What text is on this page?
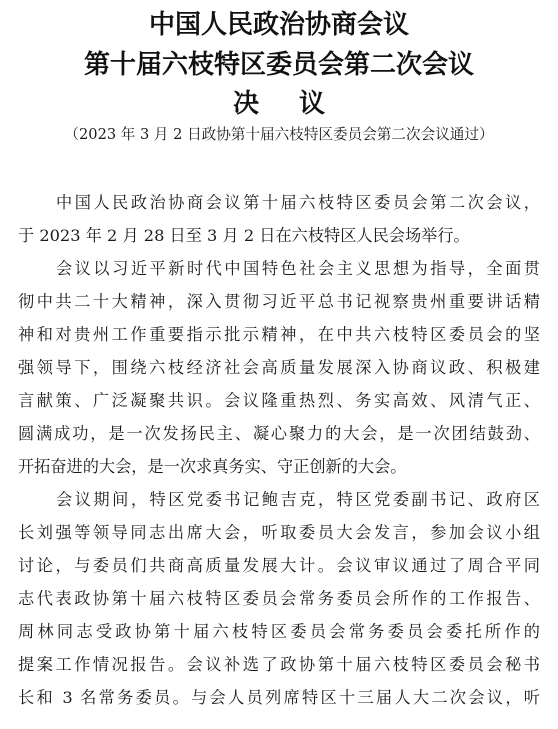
中国人民政治协商会议
第十届六枝特区委员会第二次会议
决议
（2023 年 3 月 2 日政协第十届六枝特区委员会第二次会议通过）
中国人民政治协商会议第十届六枝特区委员会第二次会议，
于 2023 年 2 月 28 日至 3 月 2 日在六枝特区人民会场举行。
会议以习近平新时代中国特色社会主义思想为指导，全面贯
彻中共二十大精神，深入贯彻习近平总书记视察贵州重要讲话精
神和对贵州工作重要指示批示精神，在中共六枝特区委员会的坚
强领导下，围绕六枝经济社会高质量发展深入协商议政、积极建
言献策、广泛凝聚共识。会议隆重热烈、务实高效、风清气正、
圆满成功，是一次发扬民主、凝心聚力的大会，是一次团结鼓劲、
开拓奋进的大会，是一次求真务实、守正创新的大会。
会议期间，特区党委书记鲍吉克，特区党委副书记、政府区
长刘强等领导同志出席大会，听取委员大会发言，参加会议小组
讨论，与委员们共商高质量发展大计。会议审议通过了周合平同
志代表政协第十届六枝特区委员会常务委员会所作的工作报告、
周林同志受政协第十届六枝特区委员会常务委员会委托所作的
提案工作情况报告。会议补选了政协第十届六枝特区委员会秘书
长和 3 名常务委员。与会人员列席特区十三届人大二次会议，听
